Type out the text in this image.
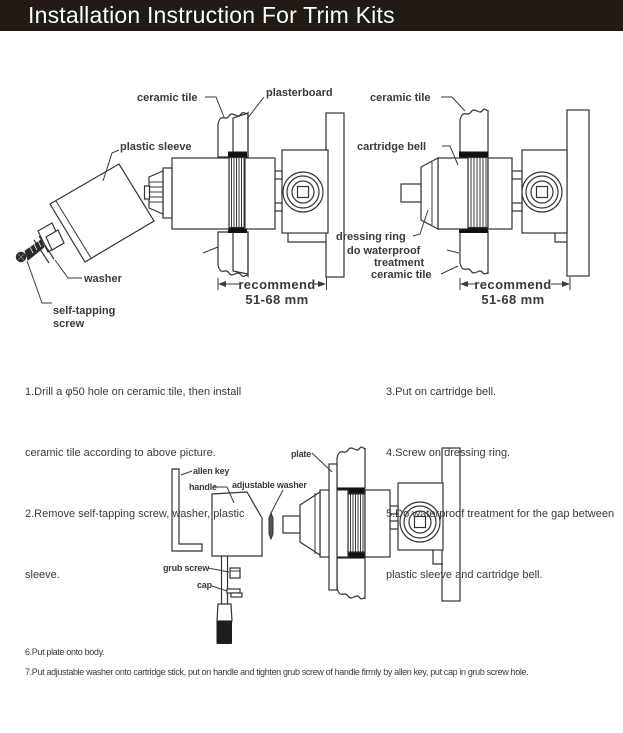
Installation Instruction For Trim Kits
recommend
51-68 mm
ceramic tile	plasterboard
plastic sleeve
washer
self-tapping
screw
recommend
51-68 mm
ceramic tile
cartridge bell
dressing ring
do waterproof
treatment
ceramic tile
allen key
handle adjustable washer
plate
grub screw
cap

1.Drill a φ50 hole on ceramic tile, then install

ceramic tile according to above picture.

2.Remove self-tapping screw, washer, plastic

sleeve.

3.Put on cartridge bell.

4.Screw on dressing ring.

5.Do waterproof treatment for the gap between

plastic sleeve and cartridge bell.

6.Put plate onto body.
7.Put adjustable washer onto cartridge stick, put on handle and tighten grub screw of handle firmly by allen key, put cap in grub screw hole.
